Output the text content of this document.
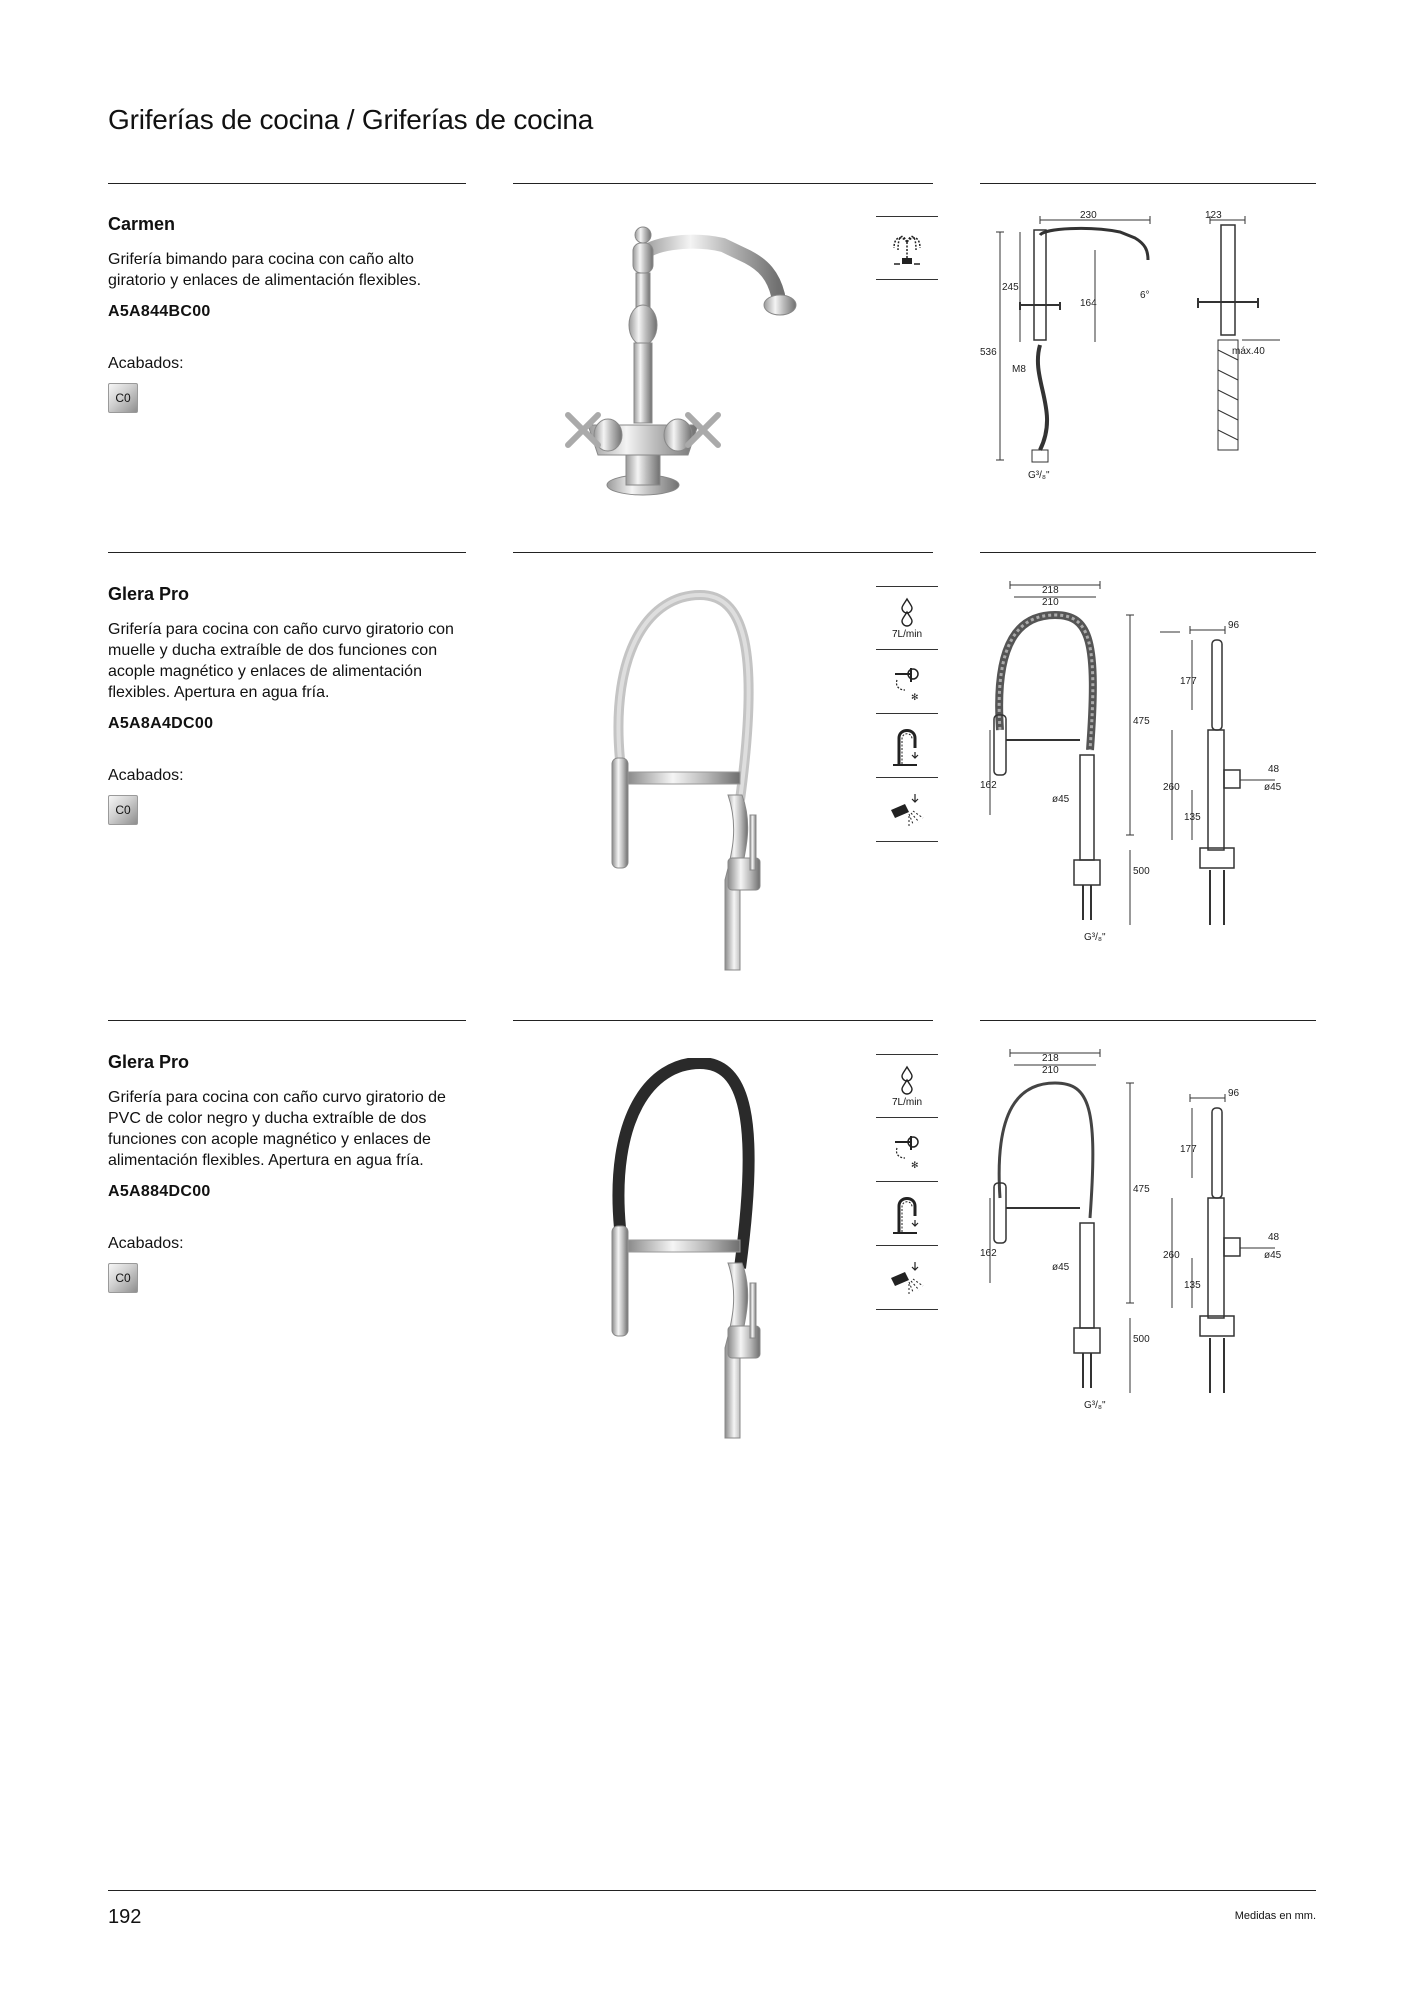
Griferías de cocina / Griferías de cocina
Carmen
Grifería bimando para cocina con caño alto giratorio y enlaces de alimentación flexibles.
A5A844BC00
Acabados:
C0
230	123
245
164
6°
536
M8
máx.40
G³/₈"
Glera Pro
Grifería para cocina con caño curvo giratorio con muelle y ducha extraíble de dos funciones con acople magnético y enlaces de alimentación flexibles. Apertura en agua fría.
A5A8A4DC00
Acabados:
C0
7L/min
✻
218
210
475
162
ø45
500
G³/₈"
96
177
260
135
48
ø45
Glera Pro
Grifería para cocina con caño curvo giratorio de PVC de color negro y ducha extraíble de dos funciones con acople magnético y enlaces de alimentación flexibles. Apertura en agua fría.
A5A884DC00
Acabados:
C0
7L/min
✻
218
210
475
162
ø45
500
G³/₈"
96
177
260
135
48
ø45
192	Medidas en mm.
